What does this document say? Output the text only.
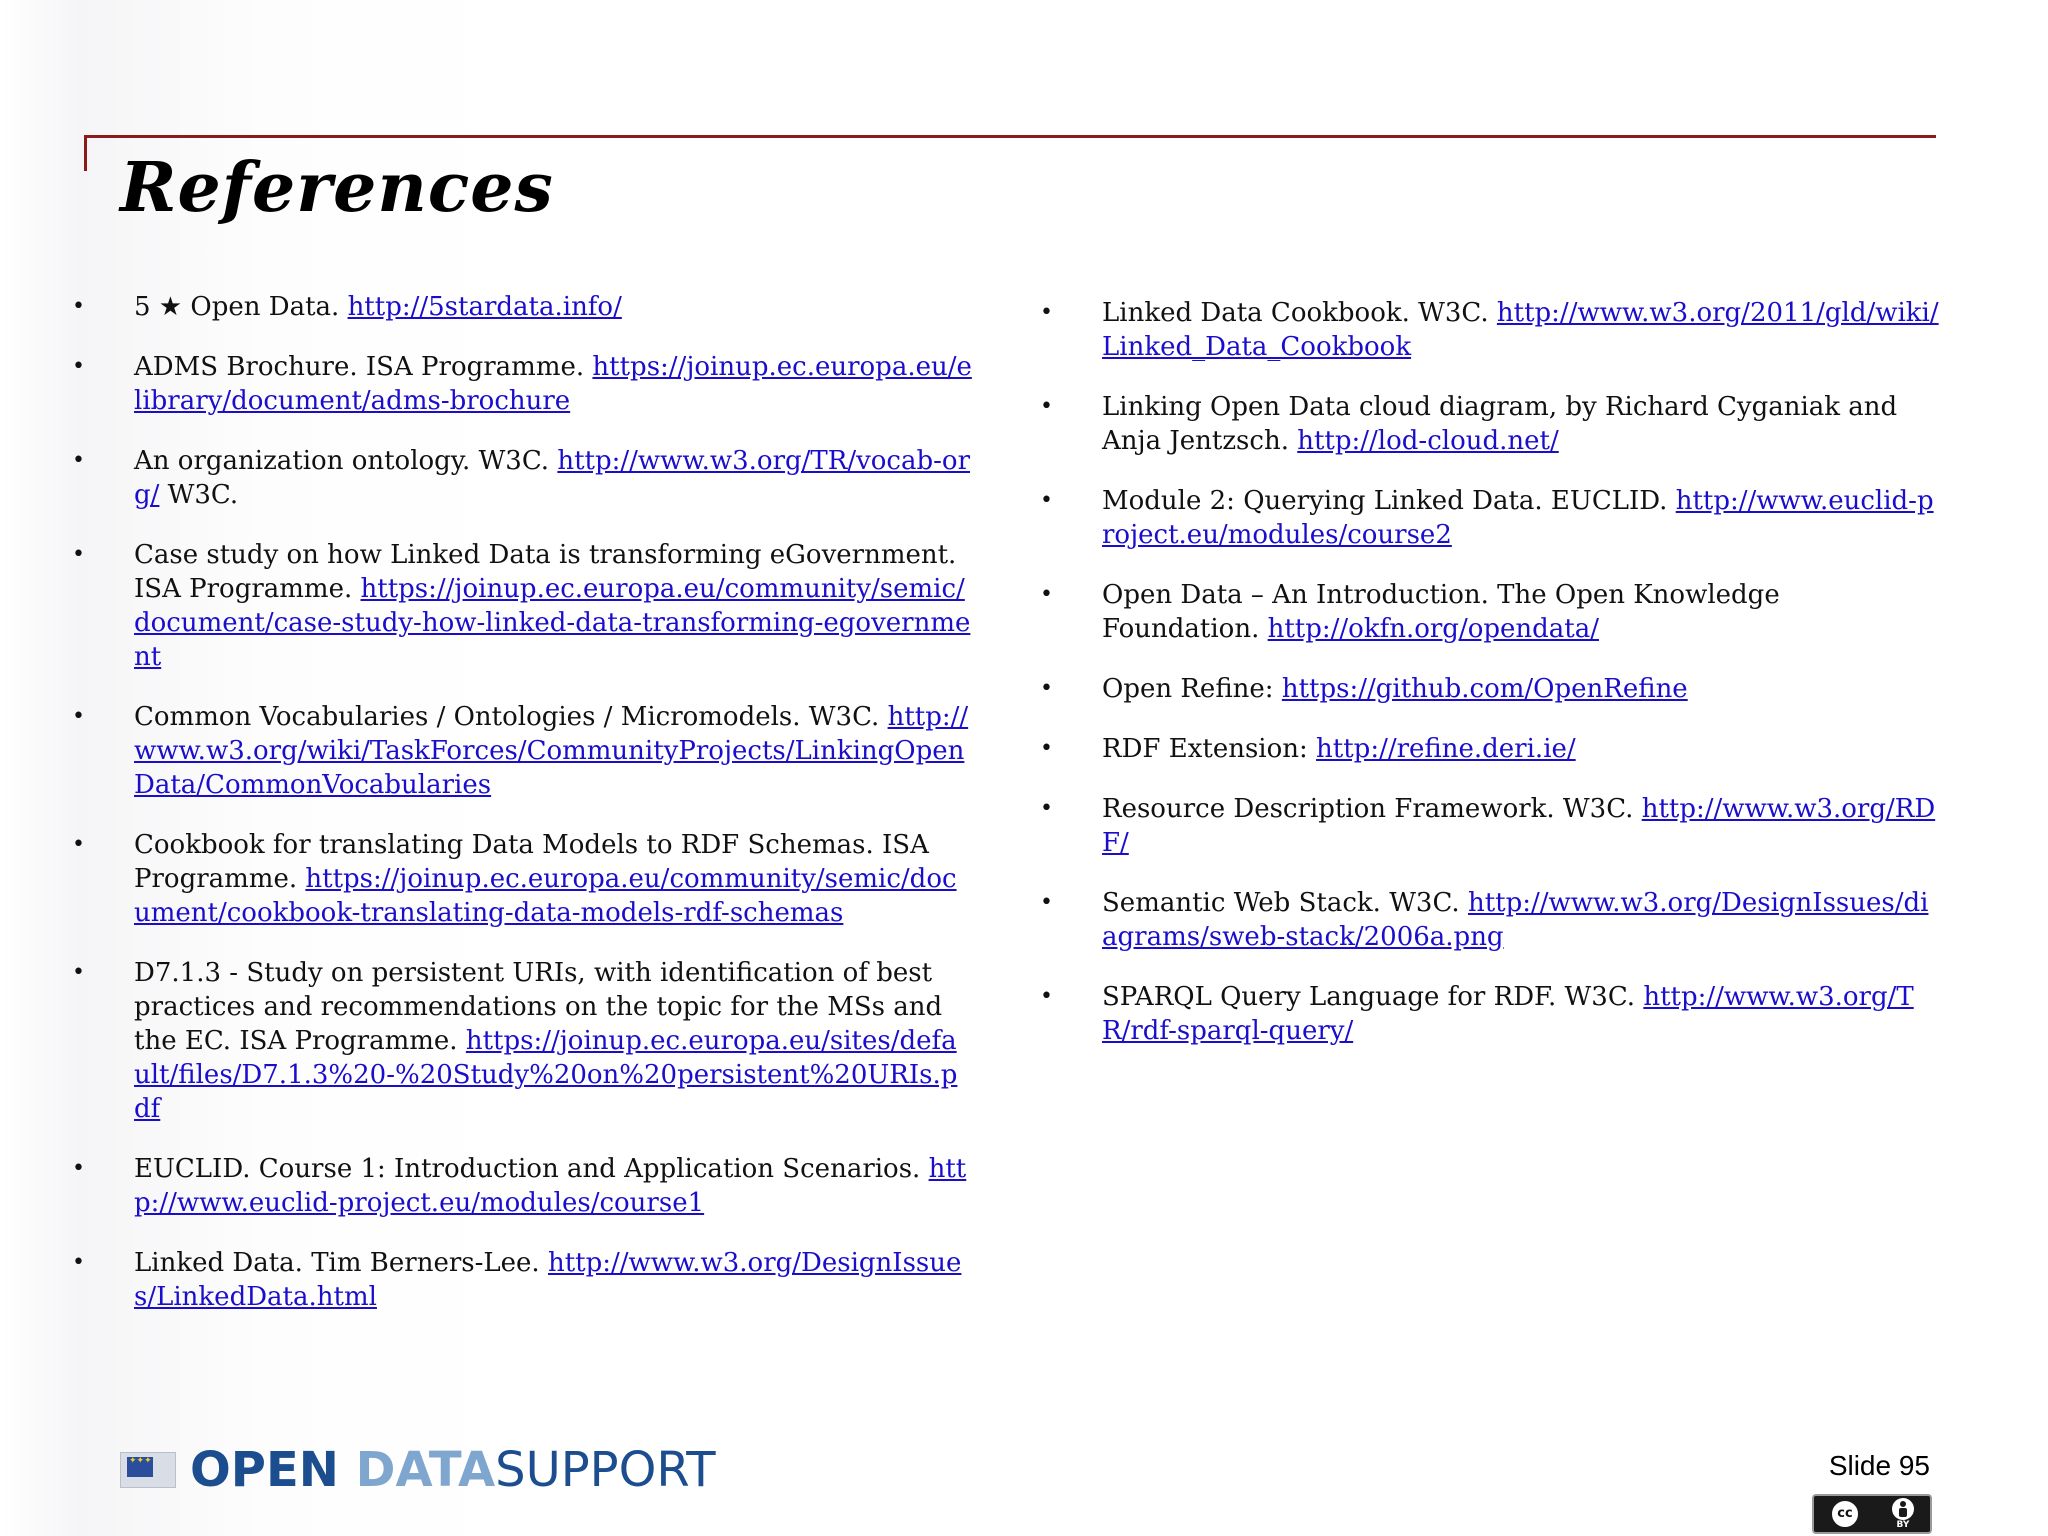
References
• 5 ★ Open Data. http://5stardata.info/
• ADMS Brochure. ISA Programme. https://joinup.ec.europa.eu/elibrary/document/adms-brochure
• An organization ontology. W3C. http://www.w3.org/TR/vocab-org/ W3C.
• Case study on how Linked Data is transforming eGovernment. ISA Programme. https://joinup.ec.europa.eu/community/semic/document/case-study-how-linked-data-transforming-egovernment
• Common Vocabularies / Ontologies / Micromodels. W3C. http://www.w3.org/wiki/TaskForces/CommunityProjects/LinkingOpenData/CommonVocabularies
• Cookbook for translating Data Models to RDF Schemas. ISA Programme. https://joinup.ec.europa.eu/community/semic/document/cookbook-translating-data-models-rdf-schemas
• D7.1.3 - Study on persistent URIs, with identification of best practices and recommendations on the topic for the MSs and the EC. ISA Programme. https://joinup.ec.europa.eu/sites/default/files/D7.1.3%20-%20Study%20on%20persistent%20URIs.pdf
• EUCLID. Course 1: Introduction and Application Scenarios. http://www.euclid-project.eu/modules/course1
• Linked Data. Tim Berners-Lee. http://www.w3.org/DesignIssues/LinkedData.html
• Linked Data Cookbook. W3C. http://www.w3.org/2011/gld/wiki/Linked_Data_Cookbook
• Linking Open Data cloud diagram, by Richard Cyganiak and Anja Jentzsch. http://lod-cloud.net/
• Module 2: Querying Linked Data. EUCLID. http://www.euclid-project.eu/modules/course2
• Open Data – An Introduction. The Open Knowledge Foundation. http://okfn.org/opendata/
• Open Refine: https://github.com/OpenRefine
• RDF Extension: http://refine.deri.ie/
• Resource Description Framework. W3C. http://www.w3.org/RDF/
• Semantic Web Stack. W3C. http://www.w3.org/DesignIssues/diagrams/sweb-stack/2006a.png
• SPARQL Query Language for RDF. W3C. http://www.w3.org/TR/rdf-sparql-query/
✦✦✦ OPEN DATASUPPORT	Slide 95
cc
BY
